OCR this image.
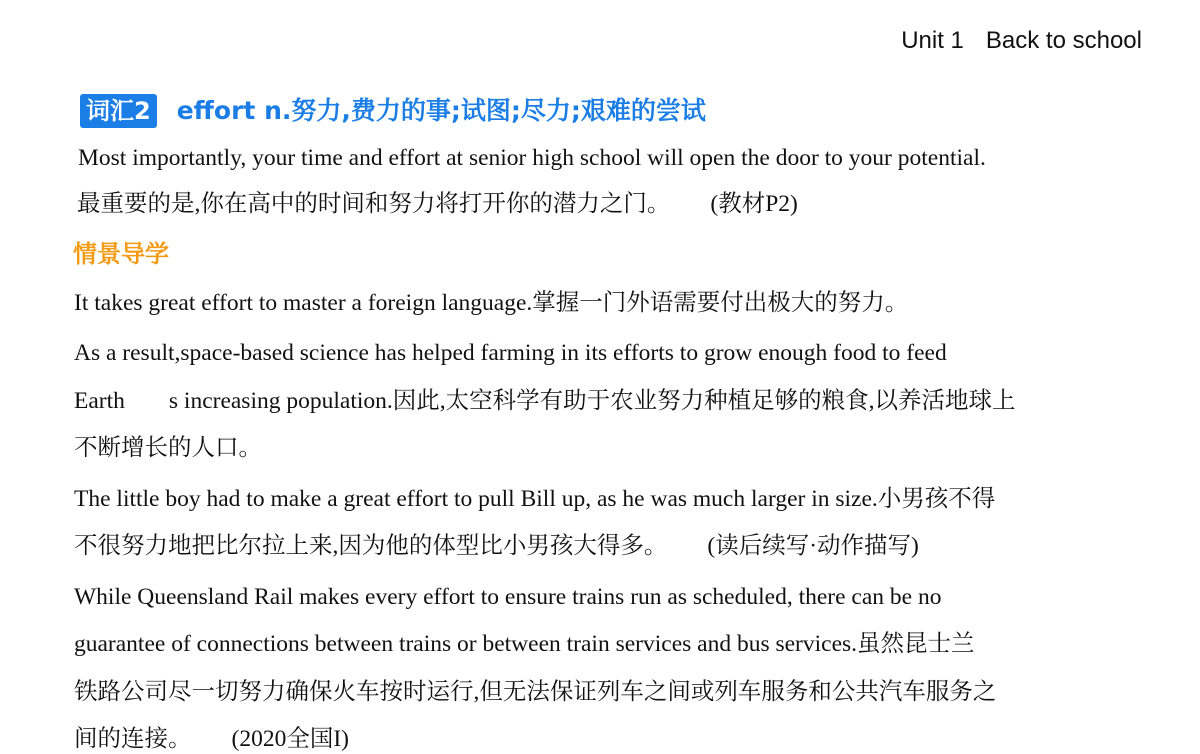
Unit 1 Back to school
词汇2 effort n.努力,费力的事;试图;尽力;艰难的尝试
Most importantly, your time and effort at senior high school will open the door to your potential.
最重要的是,你在高中的时间和努力将打开你的潜力之门。 (教材P2)
情景导学
It takes great effort to master a foreign language.掌握一门外语需要付出极大的努力。
As a result,space-based science has helped farming in its efforts to grow enough food to feed
Earth s increasing population.因此,太空科学有助于农业努力种植足够的粮食,以养活地球上
不断增长的人口。
The little boy had to make a great effort to pull Bill up, as he was much larger in size.小男孩不得
不很努力地把比尔拉上来,因为他的体型比小男孩大得多。 (读后续写·动作描写)
While Queensland Rail makes every effort to ensure trains run as scheduled, there can be no
guarantee of connections between trains or between train services and bus services.虽然昆士兰
铁路公司尽一切努力确保火车按时运行,但无法保证列车之间或列车服务和公共汽车服务之
间的连接。 (2020全国I)
